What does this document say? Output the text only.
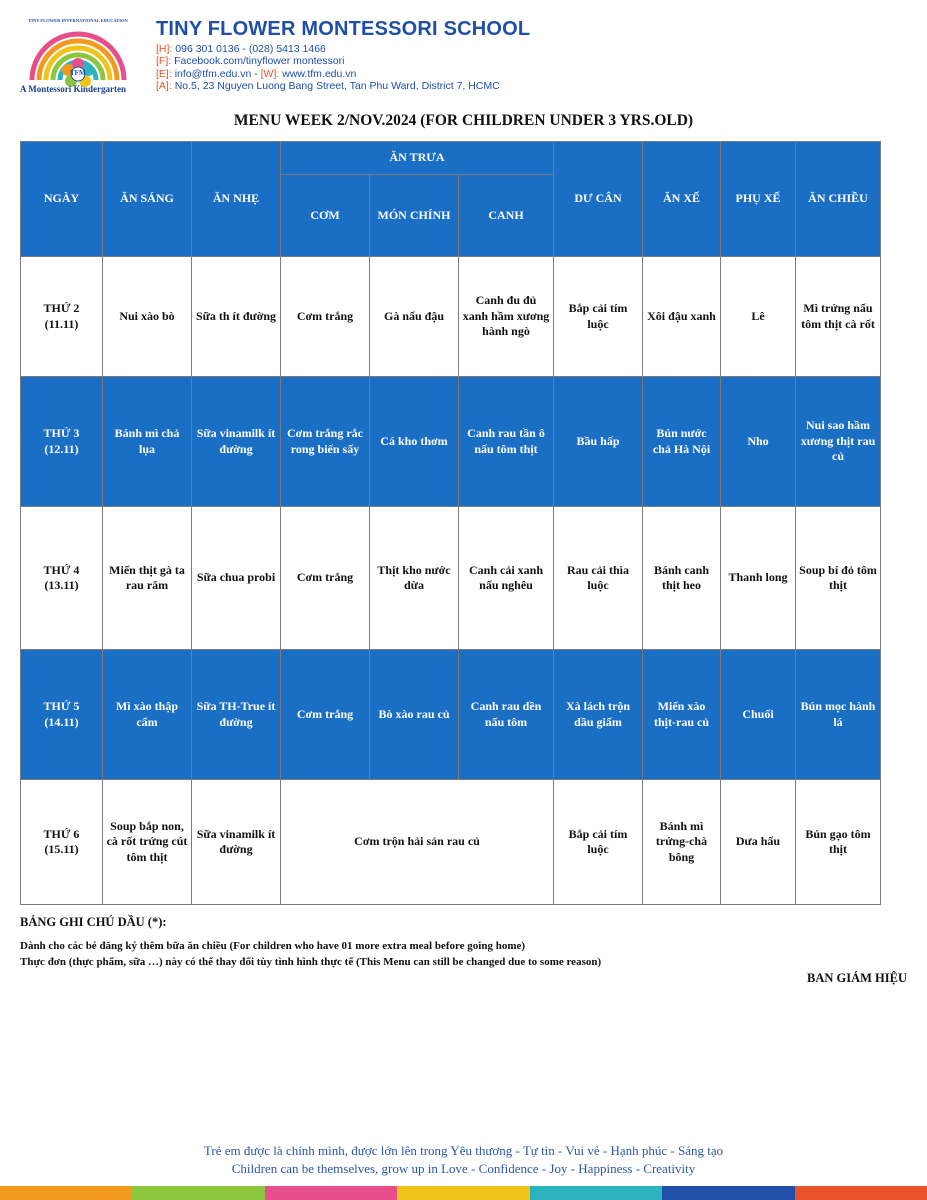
TFM
TINY FLOWER INTERNATIONAL EDUCATION
A Montessori Kindergarten
TINY FLOWER MONTESSORI SCHOOL
[H]: 096 301 0136 - (028) 5413 1466
[F]: Facebook.com/tinyflower montessori
[E]: info@tfm.edu.vn - [W]: www.tfm.edu.vn
[A]: No.5, 23 Nguyen Luong Bang Street, Tan Phu Ward, District 7, HCMC
MENU WEEK 2/NOV.2024 (FOR CHILDREN UNDER 3 YRS.OLD)
NGÀY	ĂN SÁNG	ĂN NHẸ	ĂN TRƯA			DƯ CÂN	ĂN XẾ	PHỤ XẾ	ĂN CHIỀU
			CƠM	MÓN CHÍNH	CANH				
THỨ 2
(11.11)	Nui xào bò	Sữa th ít đường	Cơm trắng	Gà nấu đậu	Canh đu đủ xanh hầm xương hành ngò	Bắp cải tím luộc	Xôi đậu xanh	Lê	Mì trứng nấu tôm thịt cà rốt
THỨ 3
(12.11)	Bánh mì chả lụa	Sữa vinamilk ít đường	Cơm trắng rắc rong biển sấy	Cá kho thơm	Canh rau tần ô nấu tôm thịt	Bầu hấp	Bún nước chả Hà Nội	Nho	Nui sao hầm xương thịt rau củ
THỨ 4
(13.11)	Miến thịt gà ta rau răm	Sữa chua probi	Cơm trắng	Thịt kho nước dừa	Canh cải xanh nấu nghêu	Rau cải thìa luộc	Bánh canh thịt heo	Thanh long	Soup bí đỏ tôm thịt
THỨ 5
(14.11)	Mì xào thập cẩm	Sữa TH-True ít đường	Cơm trắng	Bò xào rau củ	Canh rau dền nấu tôm	Xà lách trộn dầu giấm	Miến xào thịt-rau củ	Chuối	Bún mọc hành lá
THỨ 6
(15.11)	Soup bắp non, cà rốt trứng cút tôm thịt	Sữa vinamilk ít đường	Cơm trộn hải sản rau củ			Bắp cải tím luộc	Bánh mì trứng-chà bông	Dưa hấu	Bún gạo tôm thịt
BẢNG GHI CHÚ DẦU (*):
Dành cho các bé đăng ký thêm bữa ăn chiều (For children who have 01 more extra meal before going home)
Thực đơn (thực phẩm, sữa …) này có thể thay đổi tùy tình hình thực tế (This Menu can still be changed due to some reason)
BAN GIÁM HIỆU
Trẻ em được là chính mình, được lớn lên trong Yêu thương - Tự tin - Vui vẻ - Hạnh phúc - Sáng tạo
Children can be themselves, grow up in Love - Confidence - Joy - Happiness - Creativity
